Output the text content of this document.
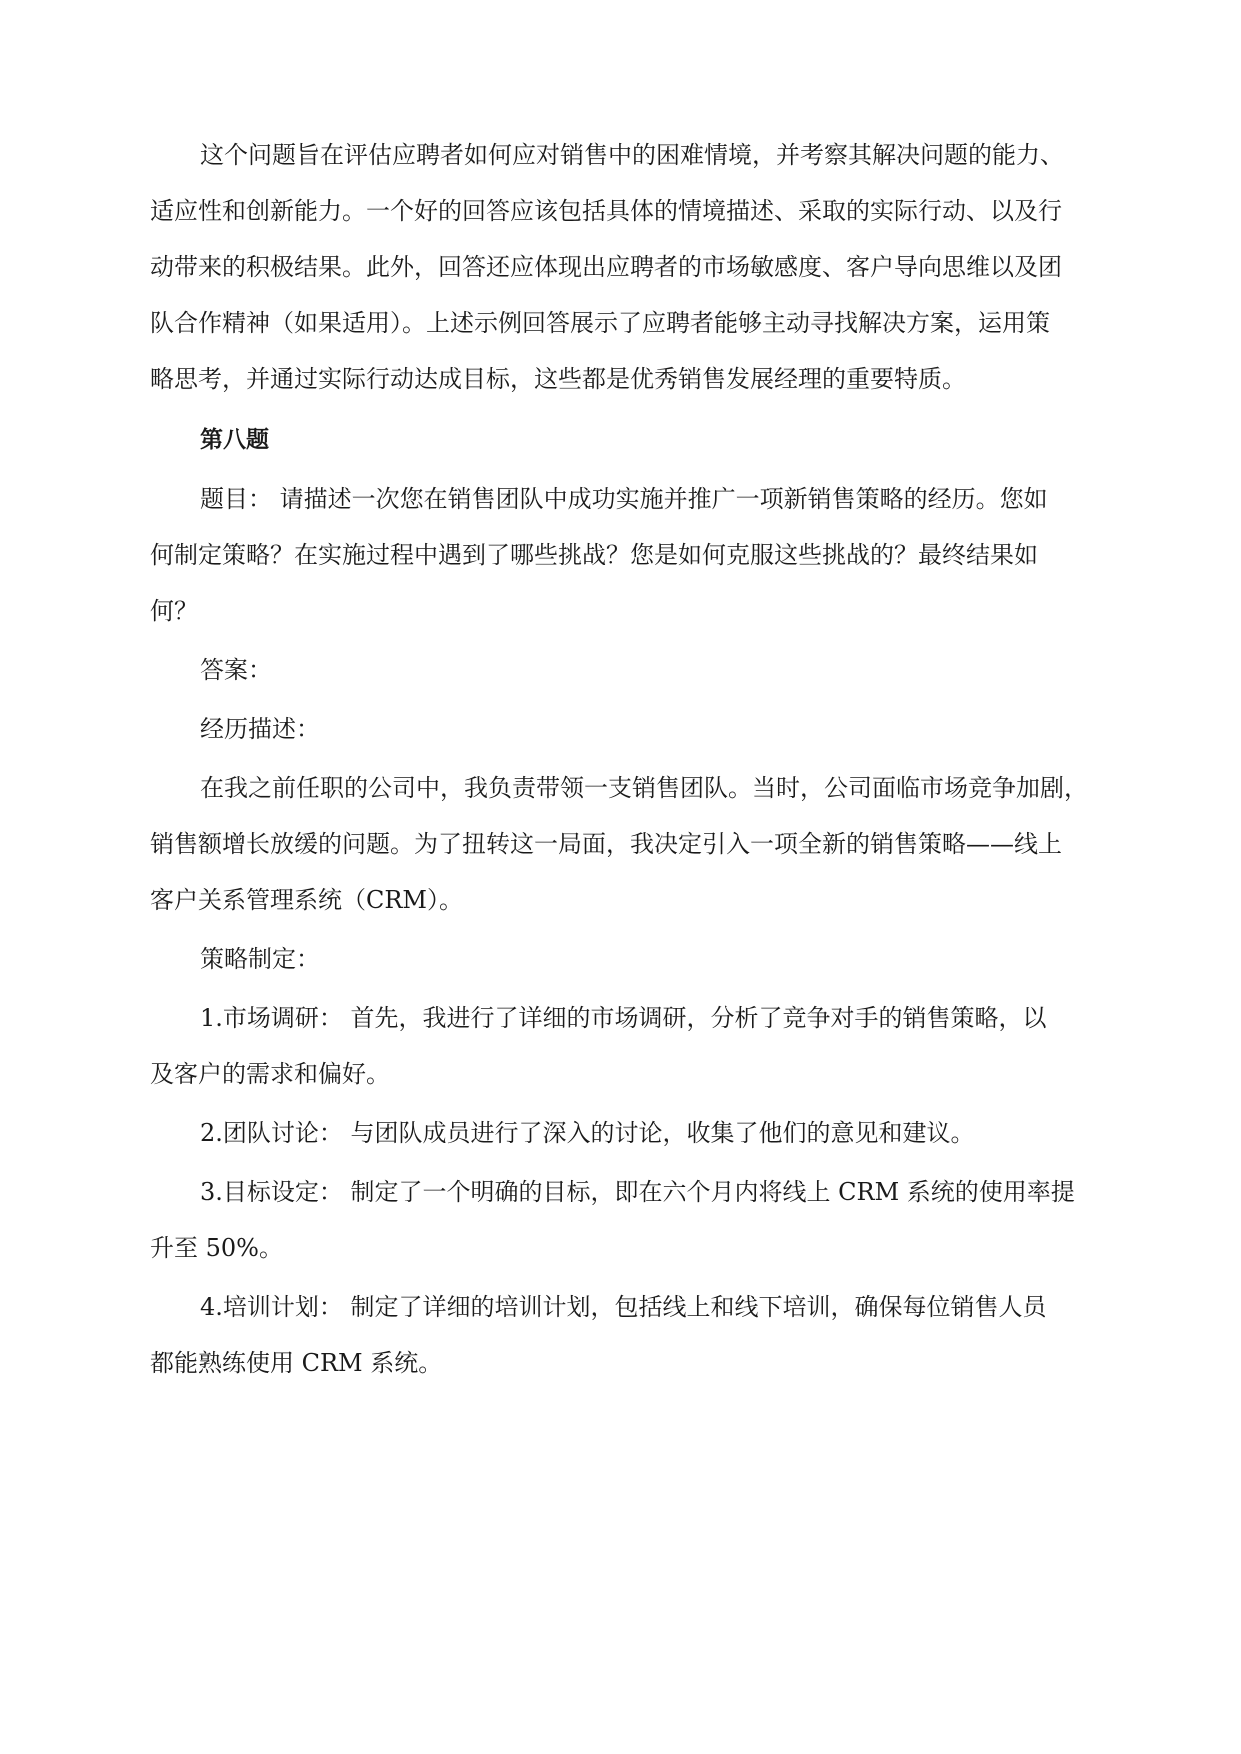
这个问题旨在评估应聘者如何应对销售中的困难情境，并考察其解决问题的能力、
适应性和创新能力。一个好的回答应该包括具体的情境描述、采取的实际行动、以及行
动带来的积极结果。此外，回答还应体现出应聘者的市场敏感度、客户导向思维以及团
队合作精神（如果适用）。上述示例回答展示了应聘者能够主动寻找解决方案，运用策
略思考，并通过实际行动达成目标，这些都是优秀销售发展经理的重要特质。
第八题
题目： 请描述一次您在销售团队中成功实施并推广一项新销售策略的经历。您如
何制定策略？在实施过程中遇到了哪些挑战？您是如何克服这些挑战的？最终结果如
何？
答案：
经历描述：
在我之前任职的公司中，我负责带领一支销售团队。当时，公司面临市场竞争加剧，
销售额增长放缓的问题。为了扭转这一局面，我决定引入一项全新的销售策略——线上
客户关系管理系统（CRM）。
策略制定：
1.市场调研： 首先，我进行了详细的市场调研，分析了竞争对手的销售策略，以
及客户的需求和偏好。
2.团队讨论： 与团队成员进行了深入的讨论，收集了他们的意见和建议。
3.目标设定： 制定了一个明确的目标，即在六个月内将线上 CRM 系统的使用率提
升至 50%。
4.培训计划： 制定了详细的培训计划，包括线上和线下培训，确保每位销售人员
都能熟练使用 CRM 系统。
